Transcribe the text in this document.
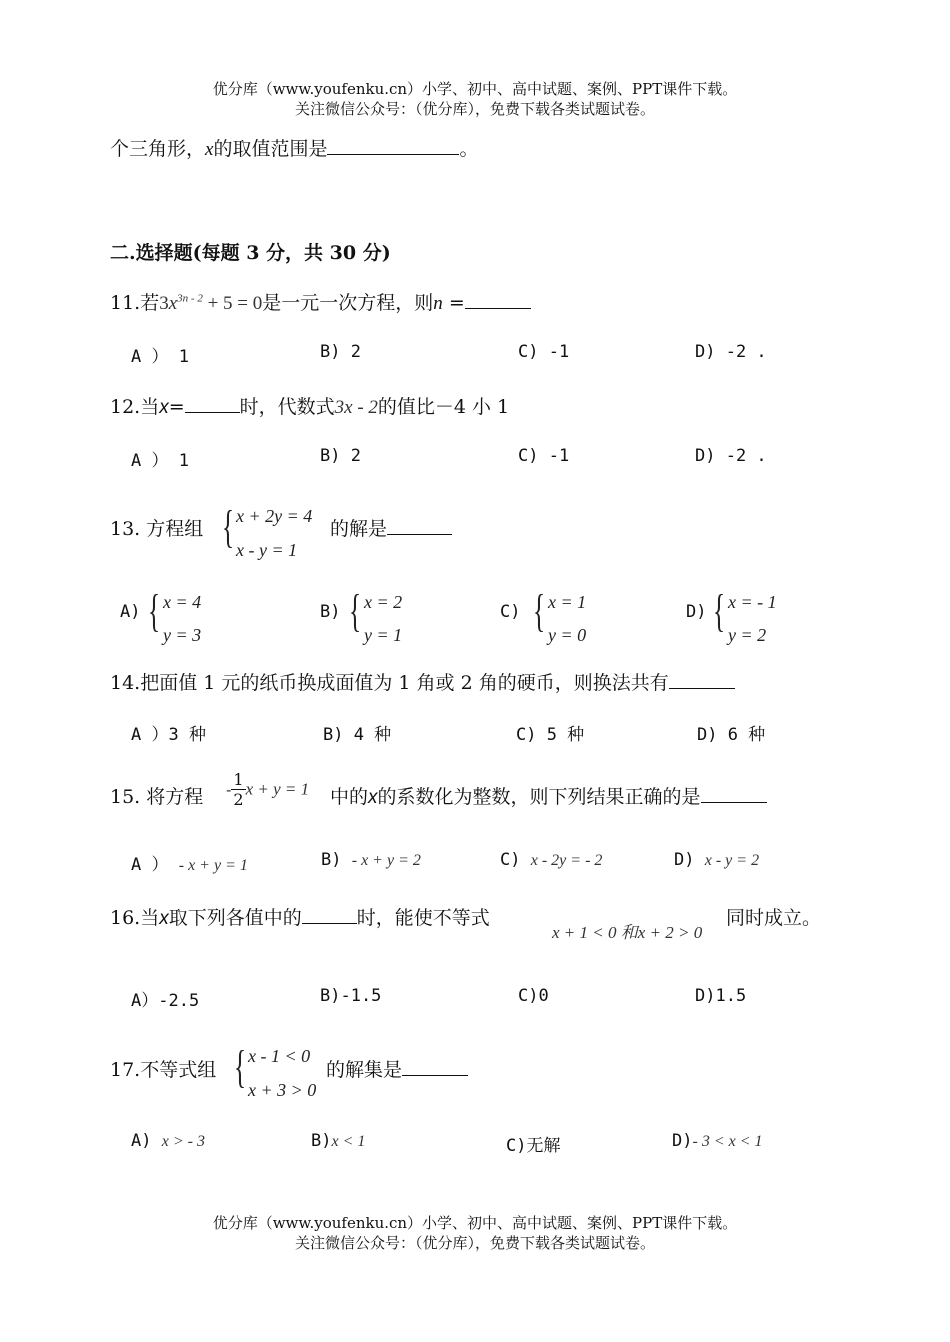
优分库（www.youfenku.cn）小学、初中、高中试题、案例、PPT课件下载。
关注微信公众号：（优分库），免费下载各类试题试卷。
个三角形，x的取值范围是	。
二.选择题(每题 3 分，共 30 分)
11.若$3x^{3n - 2} + 5 = 0$是一元一次方程，则n =
A ） 1	B) 2	C) -1	D) -2 .
12.当x=	时，代数式3x - 2的值比－4 小 1
A ） 1	B) 2	C) -1	D) -2 .
13. 方程组 { x + 2y = 4
x - y = 1
的解是
A) { x = 4
y = 3
B) { x = 2
y = 1
C) { x = 1
y = 0
D) { x = - 1
y = 2
14.把面值 1 元的纸币换成面值为 1 角或 2 角的硬币，则换法共有
A ）3 种	B) 4 种	C) 5 种	D) 6 种
15. 将方程 - $\frac{1}{2}$ x + y = 1 中的x的系数化为整数，则下列结果正确的是
A ） - x + y = 1	B) - x + y = 2	C) x - 2y = - 2	D) x - y = 2
16.当x取下列各值中的	时，能使不等式
x + 1 < 0 和x + 2 > 0
同时成立。
A）-2.5	B)-1.5	C)0	D)1.5
17.不等式组 { x - 1 < 0
x + 3 > 0
的解集是
A) x > - 3	B)x < 1	C)无解	D)- 3 < x < 1
优分库（www.youfenku.cn）小学、初中、高中试题、案例、PPT课件下载。
关注微信公众号：（优分库），免费下载各类试题试卷。
